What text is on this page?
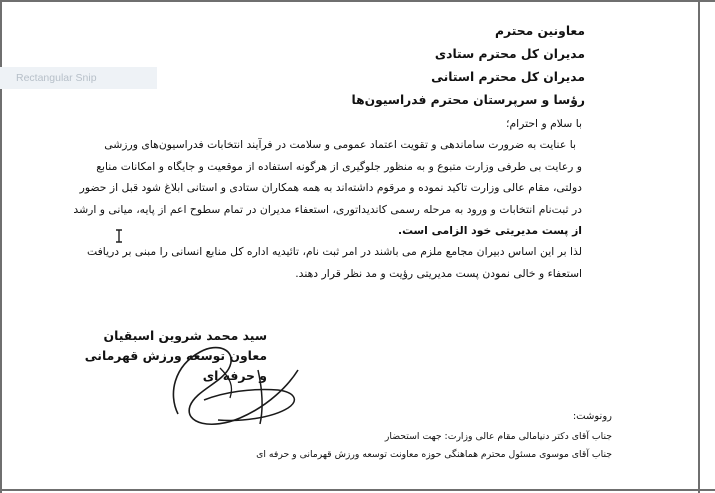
Rectangular Snip
معاونین محترم
مدیران کل محترم ستادی
مدیران کل محترم استانی
رؤسا و سرپرستان محترم فدراسیون‌ها
با سلام و احترام؛
با عنایت به ضرورت ساماندهی و تقویت اعتماد عمومی و سلامت در فرآیند انتخابات فدراسیون‌های ورزشی
و رعایت بی طرفی وزارت متبوع و به منظور جلوگیری از هرگونه استفاده از موقعیت و جایگاه و امکانات منابع
دولتی، مقام عالی وزارت تاکید نموده و مرقوم داشته‌اند به همه همکاران ستادی و استانی ابلاغ شود قبل از حضور
در ثبت‌نام انتخابات و ورود به مرحله رسمی کاندیداتوری، استعفاء مدیران در تمام سطوح اعم از پایه، میانی و ارشد
از پست مدیریتی خود الزامی است.
لذا بر این اساس دبیران مجامع ملزم می باشند در امر ثبت نام، تائیدیه اداره کل منابع انسانی را مبنی بر دریافت
استعفاء و خالی نمودن پست مدیریتی رؤیت و مد نظر قرار دهند.
سید محمد شروین اسبقیان
معاون توسعه ورزش قهرمانی
و حرفه ای
رونوشت:
جناب آقای دکتر دنیامالی مقام عالی وزارت: جهت استحضار
جناب آقای موسوی مسئول محترم هماهنگی حوزه معاونت توسعه ورزش قهرمانی و حرفه ای
